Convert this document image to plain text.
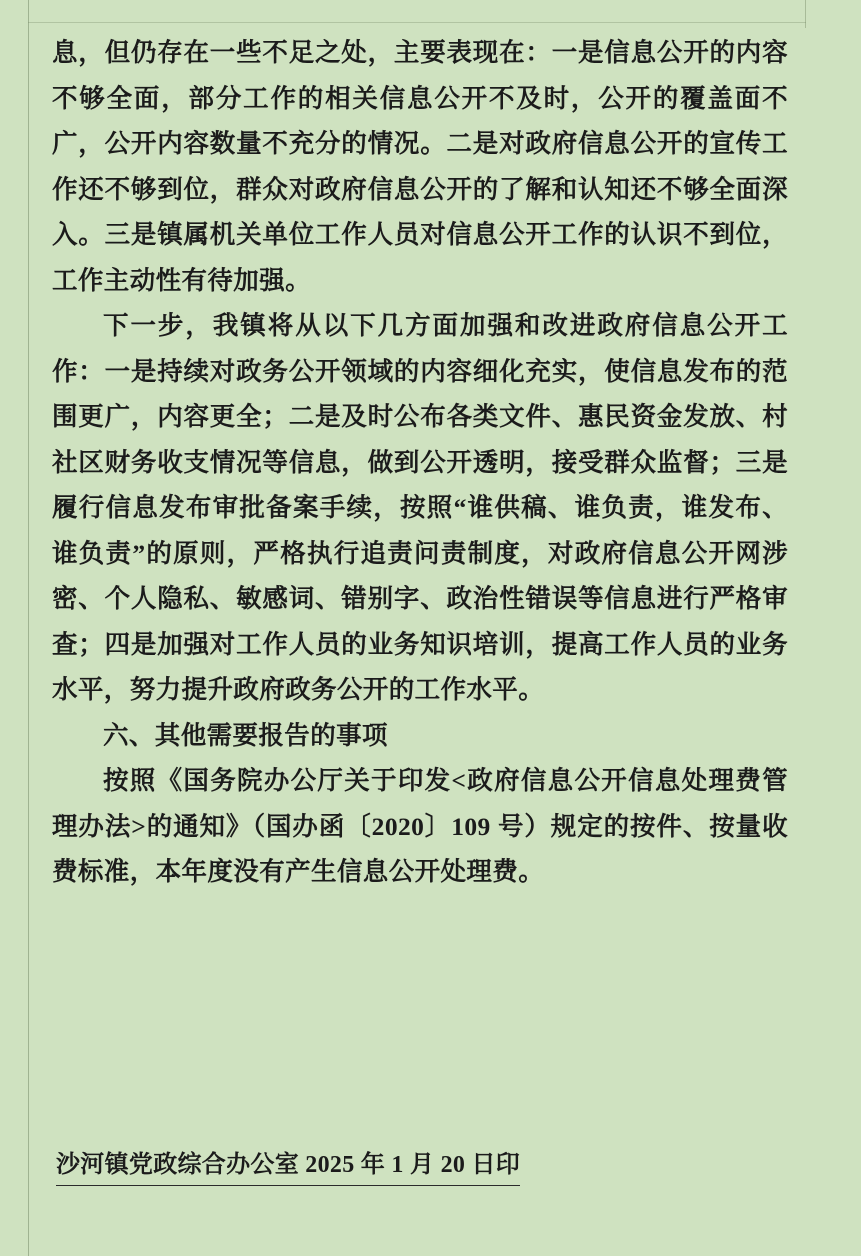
息，但仍存在一些不足之处，主要表现在：一是信息公开的内容不够全面，部分工作的相关信息公开不及时，公开的覆盖面不广，公开内容数量不充分的情况。二是对政府信息公开的宣传工作还不够到位，群众对政府信息公开的了解和认知还不够全面深入。三是镇属机关单位工作人员对信息公开工作的认识不到位，工作主动性有待加强。

下一步，我镇将从以下几方面加强和改进政府信息公开工作：一是持续对政务公开领域的内容细化充实，使信息发布的范围更广，内容更全；二是及时公布各类文件、惠民资金发放、村社区财务收支情况等信息，做到公开透明，接受群众监督；三是履行信息发布审批备案手续，按照“谁供稿、谁负责，谁发布、谁负责”的原则，严格执行追责问责制度，对政府信息公开网涉密、个人隐私、敏感词、错别字、政治性错误等信息进行严格审查；四是加强对工作人员的业务知识培训，提高工作人员的业务水平，努力提升政府政务公开的工作水平。

六、其他需要报告的事项

按照《国务院办公厅关于印发<政府信息公开信息处理费管理办法>的通知》（国办函〔2020〕109 号）规定的按件、按量收费标准，本年度没有产生信息公开处理费。

沙河镇党政综合办公室 2025 年 1 月 20 日印
